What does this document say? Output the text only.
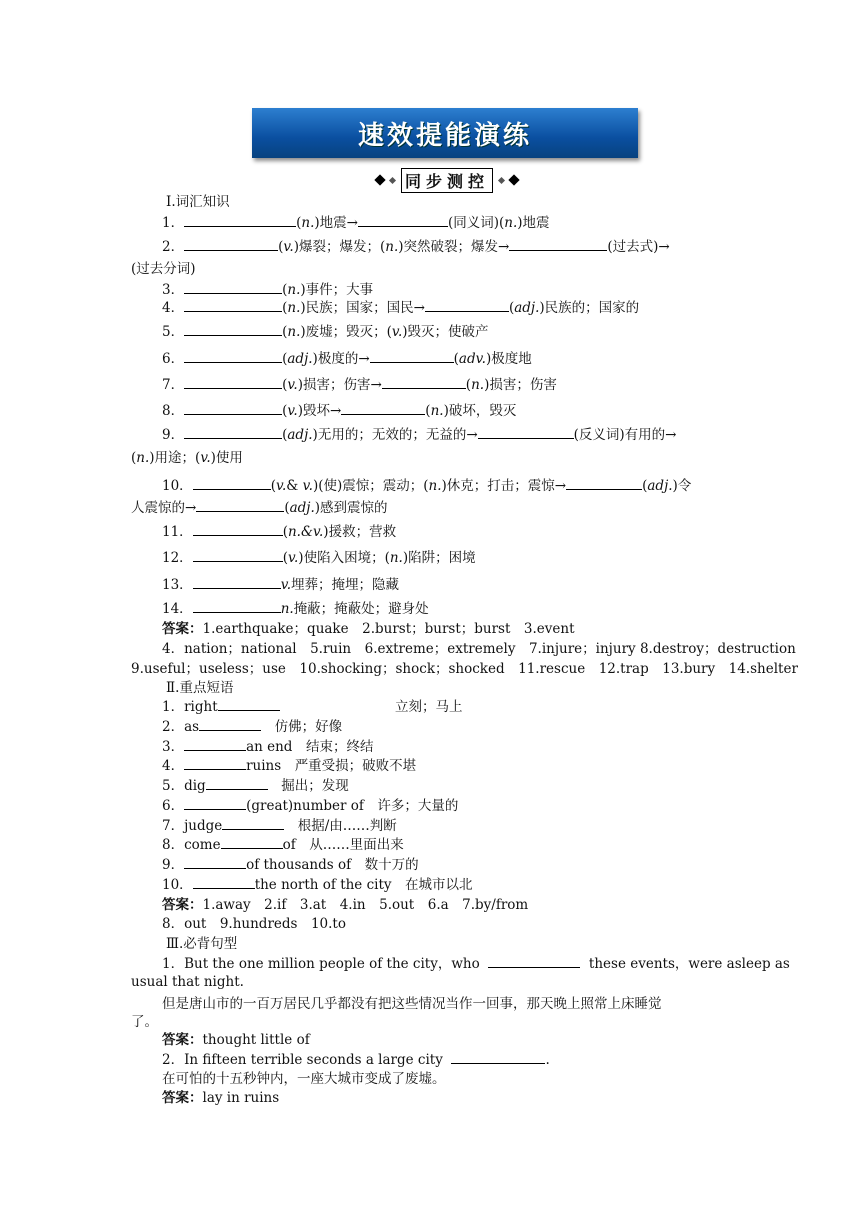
速效提能演练
同步测控
Ⅰ.词汇知识
1．	(n.)地震→	(同义词)(n.)地震
2．	(v.)爆裂；爆发；(n.)突然破裂；爆发→	(过去式)→
(过去分词)
3．	(n.)事件；大事
4．	(n.)民族；国家；国民→	(adj.)民族的；国家的
5．	(n.)废墟；毁灭；(v.)毁灭；使破产
6．	(adj.)极度的→	(adv.)极度地
7．	(v.)损害；伤害→	(n.)损害；伤害
8．	(v.)毁坏→	(n.)破坏，毁灭
9．	(adj.)无用的；无效的；无益的→	(反义词)有用的→
(n.)用途；(v.)使用
10．	(v.& v.)(使)震惊；震动；(n.)休克；打击；震惊→	(adj.)令
人震惊的→	(adj.)感到震惊的
11．	(n.&v.)援救；营救
12．	(v.)使陷入困境；(n.)陷阱；困境
13．	v.埋葬；掩埋；隐藏
14．	n.掩蔽；掩蔽处；避身处
答案：1.earthquake；quake　2.burst；burst；burst　3.event
4．nation；national　5.ruin　6.extreme；extremely　7.injure；injury 8.destroy；destruction
9.useful；useless；use　10.shocking；shock；shocked　11.rescue　12.trap　13.bury　14.shelter
Ⅱ.重点短语
1．right	立刻；马上
2．as　	仿佛；好像
3．	an end　 结束；终结
4．	ruins　 严重受损；破败不堪
5．dig　	掘出；发现
6．	(great)number of　 许多；大量的
7．judge　	根据/由……判断
8．come	of　 从……里面出来
9．	of thousands of　 数十万的
10．	the north of the city　 在城市以北
答案：1.away　2.if　3.at　4.in　5.out　6.a　7.by/from
8．out　9.hundreds　10.to
Ⅲ.必背句型
1．But the one million people of the city，who	these events，were asleep as
usual that night.
但是唐山市的一百万居民几乎都没有把这些情况当作一回事，那天晚上照常上床睡觉
了。
答案：thought little of
2．In fifteen terrible seconds a large city	.
在可怕的十五秒钟内，一座大城市变成了废墟。
答案：lay in ruins
